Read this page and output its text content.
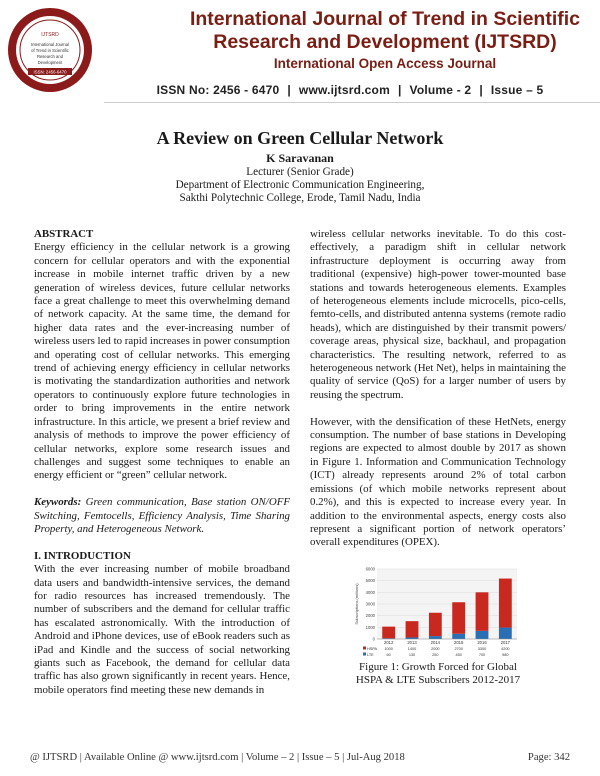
IJTSRD
International Journal
of Trend in Scientific
Research and
Development
ISSN: 2456-6470
International Journal of Trend in Scientific Research and Development (IJTSRD)
International Open Access Journal
ISSN No: 2456 - 6470 | www.ijtsrd.com | Volume - 2 | Issue – 5
A Review on Green Cellular Network
K Saravanan
Lecturer (Senior Grade)
Department of Electronic Communication Engineering,
Sakthi Polytechnic College, Erode, Tamil Nadu, India
ABSTRACT

Energy efficiency in the cellular network is a growing concern for cellular operators and with the exponential increase in mobile internet traffic driven by a new generation of wireless devices, future cellular networks face a great challenge to meet this overwhelming demand of network capacity. At the same time, the demand for higher data rates and the ever-increasing number of wireless users led to rapid increases in power consumption and operating cost of cellular networks. This emerging trend of achieving energy efficiency in cellular networks is motivating the standardization authorities and network operators to continuously explore future technologies in order to bring improvements in the entire network infrastructure. In this article, we present a brief review and analysis of methods to improve the power efficiency of cellular networks, explore some research issues and challenges and suggest some techniques to enable an energy efficient or “green” cellular network.

Keywords: Green communication, Base station ON/OFF Switching, Femtocells, Efficiency Analysis, Time Sharing Property, and Heterogeneous Network.

I. INTRODUCTION

With the ever increasing number of mobile broadband data users and bandwidth-intensive services, the demand for radio resources has increased tremendously. The number of subscribers and the demand for cellular traffic has escalated astronomically. With the introduction of Android and iPhone devices, use of eBook readers such as iPad and Kindle and the success of social networking giants such as Facebook, the demand for cellular data traffic has also grown significantly in recent years. Hence, mobile operators find meeting these new demands in

wireless cellular networks inevitable. To do this cost-effectively, a paradigm shift in cellular network infrastructure deployment is occurring away from traditional (expensive) high-power tower-mounted base stations and towards heterogeneous elements. Examples of heterogeneous elements include microcells, pico-cells, femto-cells, and distributed antenna systems (remote radio heads), which are distinguished by their transmit powers/ coverage areas, physical size, backhaul, and propagation characteristics. The resulting network, referred to as heterogeneous network (Het Net), helps in maintaining the quality of service (QoS) for a larger number of users by reusing the spectrum.

However, with the densification of these HetNets, energy consumption. The number of base stations in Developing regions are expected to almost double by 2017 as shown in Figure 1. Information and Communication Technology (ICT) already represents around 2% of total carbon emissions (of which mobile networks represent about 0.2%), and this is expected to increase every year. In addition to the environmental aspects, energy costs also represent a significant portion of network operators’ overall expenditures (OPEX).

0
1000
2000
3000
4000
5000
6000
Subscriptions (millions)
2012	2013	2014	2015	2016	2017
HSPA 1000	1400	2000	2700	3300	4200
LTE	60	130	250	450	700	980
Figure 1: Growth Forced for Global HSPA & LTE Subscribers 2012-2017
@ IJTSRD | Available Online @ www.ijtsrd.com | Volume – 2 | Issue – 5 | Jul-Aug 2018	Page: 342
